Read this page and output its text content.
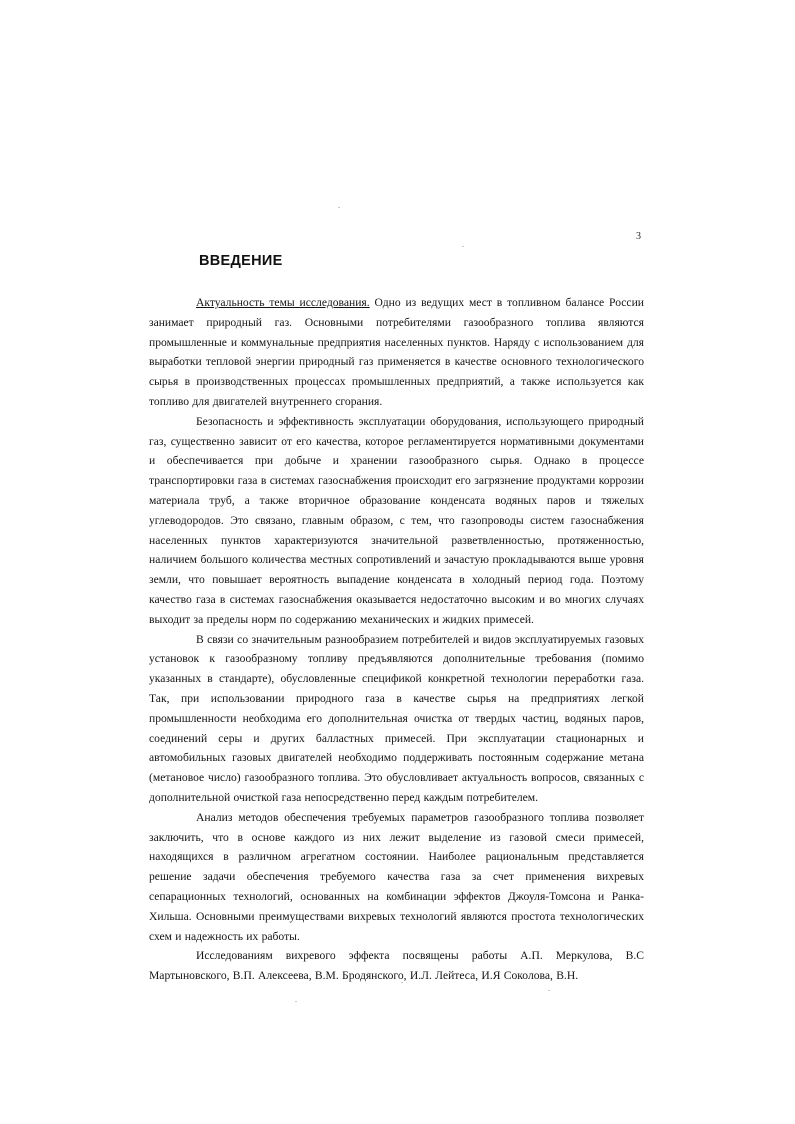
3
ВВЕДЕНИЕ

Актуальность темы исследования. Одно из ведущих мест в топливном балансе России занимает природный газ. Основными потребителями газообразного топлива являются промышленные и коммунальные предприятия населенных пунктов. Наряду с использованием для выработки тепловой энергии природный газ применяется в качестве основного технологического сырья в производственных процессах промышленных предприятий, а также используется как топливо для двигателей внутреннего сгорания.

Безопасность и эффективность эксплуатации оборудования, использующего природный газ, существенно зависит от его качества, которое регламентируется нормативными документами и обеспечивается при добыче и хранении газообразного сырья. Однако в процессе транспортировки газа в системах газоснабжения происходит его загрязнение продуктами коррозии материала труб, а также вторичное образование конденсата водяных паров и тяжелых углеводородов. Это связано, главным образом, с тем, что газопроводы систем газоснабжения населенных пунктов характеризуются значительной разветвленностью, протяженностью, наличием большого количества местных сопротивлений и зачастую прокладываются выше уровня земли, что повышает вероятность выпадение конденсата в холодный период года. Поэтому качество газа в системах газоснабжения оказывается недостаточно высоким и во многих случаях выходит за пределы норм по содержанию механических и жидких примесей.

В связи со значительным разнообразием потребителей и видов эксплуатируемых газовых установок к газообразному топливу предъявляются дополнительные требования (помимо указанных в стандарте), обусловленные спецификой конкретной технологии переработки газа. Так, при использовании природного газа в качестве сырья на предприятиях легкой промышленности необходима его дополнительная очистка от твердых частиц, водяных паров, соединений серы и других балластных примесей. При эксплуатации стационарных и автомобильных газовых двигателей необходимо поддерживать постоянным содержание метана (метановое число) газообразного топлива. Это обусловливает актуальность вопросов, связанных с дополнительной очисткой газа непосредственно перед каждым потребителем.

Анализ методов обеспечения требуемых параметров газообразного топлива позволяет заключить, что в основе каждого из них лежит выделение из газовой смеси примесей, находящихся в различном агрегатном состоянии. Наиболее рациональным представляется решение задачи обеспечения требуемого качества газа за счет применения вихревых сепарационных технологий, основанных на комбинации эффектов Джоуля-Томсона и Ранка-Хильша. Основными преимуществами вихревых технологий являются простота технологических схем и надежность их работы.

Исследованиям вихревого эффекта посвящены работы А.П. Меркулова, В.С Мартыновского, В.П. Алексеева, В.М. Бродянского, И.Л. Лейтеса, И.Я Соколова, В.Н.
